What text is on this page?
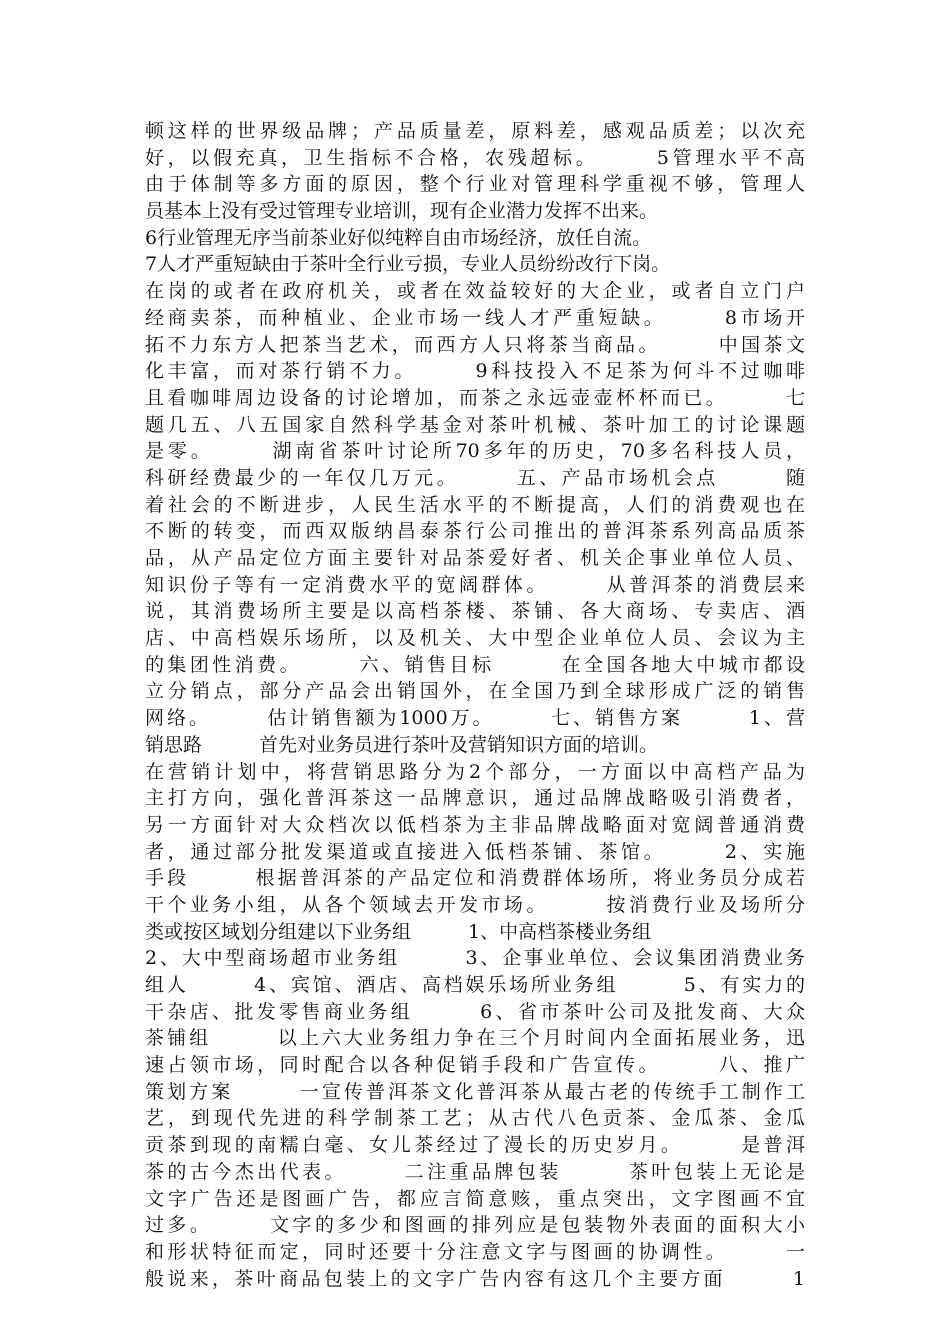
顿这样的世界级品牌；产品质量差，原料差，感观品质差；以次充
好，以假充真，卫生指标不合格，农残超标。　　　5管理水平不高
由于体制等多方面的原因，整个行业对管理科学重视不够，管理人
员基本上没有受过管理专业培训，现有企业潜力发挥不出来。
6行业管理无序当前茶业好似纯粹自由市场经济，放任自流。
7人才严重短缺由于茶叶全行业亏损，专业人员纷纷改行下岗。
在岗的或者在政府机关，或者在效益较好的大企业，或者自立门户
经商卖茶，而种植业、企业市场一线人才严重短缺。　　　8市场开
拓不力东方人把茶当艺术，而西方人只将茶当商品。　　　中国茶文
化丰富，而对茶行销不力。　　　9科技投入不足茶为何斗不过咖啡
且看咖啡周边设备的讨论增加，而茶之永远壶壶杯杯而已。　　　七
题几五、八五国家自然科学基金对茶叶机械、茶叶加工的讨论课题
是零。　　　湖南省茶叶讨论所70多年的历史，70多名科技人员，
科研经费最少的一年仅几万元。　　　五、产品市场机会点　　　随
着社会的不断进步，人民生活水平的不断提高，人们的消费观也在
不断的转变，而西双版纳昌泰茶行公司推出的普洱茶系列高品质茶
品，从产品定位方面主要针对品茶爱好者、机关企事业单位人员、
知识份子等有一定消费水平的宽阔群体。　　　从普洱茶的消费层来
说，其消费场所主要是以高档茶楼、茶铺、各大商场、专卖店、酒
店、中高档娱乐场所，以及机关、大中型企业单位人员、会议为主
的集团性消费。　　　六、销售目标　　　在全国各地大中城市都设
立分销点，部分产品会出销国外，在全国乃到全球形成广泛的销售
网络。　　　估计销售额为1000万。　　　七、销售方案　　　1、营
销思路　　　首先对业务员进行茶叶及营销知识方面的培训。
在营销计划中，将营销思路分为2个部分，一方面以中高档产品为
主打方向，强化普洱茶这一品牌意识，通过品牌战略吸引消费者，
另一方面针对大众档次以低档茶为主非品牌战略面对宽阔普通消费
者，通过部分批发渠道或直接进入低档茶铺、茶馆。　　　2、实施
手段　　　根据普洱茶的产品定位和消费群体场所，将业务员分成若
干个业务小组，从各个领域去开发市场。　　　按消费行业及场所分
类或按区域划分组建以下业务组　　　1、中高档茶楼业务组
2、大中型商场超市业务组　　　3、企事业单位、会议集团消费业务
组人　　　4、宾馆、酒店、高档娱乐场所业务组　　　5、有实力的
干杂店、批发零售商业务组　　　6、省市茶叶公司及批发商、大众
茶铺组　　　以上六大业务组力争在三个月时间内全面拓展业务，迅
速占领市场，同时配合以各种促销手段和广告宣传。　　　八、推广
策划方案　　　一宣传普洱茶文化普洱茶从最古老的传统手工制作工
艺，到现代先进的科学制茶工艺；从古代八色贡茶、金瓜茶、金瓜
贡茶到现的南糯白毫、女儿茶经过了漫长的历史岁月。　　　是普洱
茶的古今杰出代表。　　　二注重品牌包装　　　茶叶包装上无论是
文字广告还是图画广告，都应言简意赅，重点突出，文字图画不宜
过多。　　　文字的多少和图画的排列应是包装物外表面的面积大小
和形状特征而定，同时还要十分注意文字与图画的协调性。　　　一
般说来，茶叶商品包装上的文字广告内容有这几个主要方面　　　1
